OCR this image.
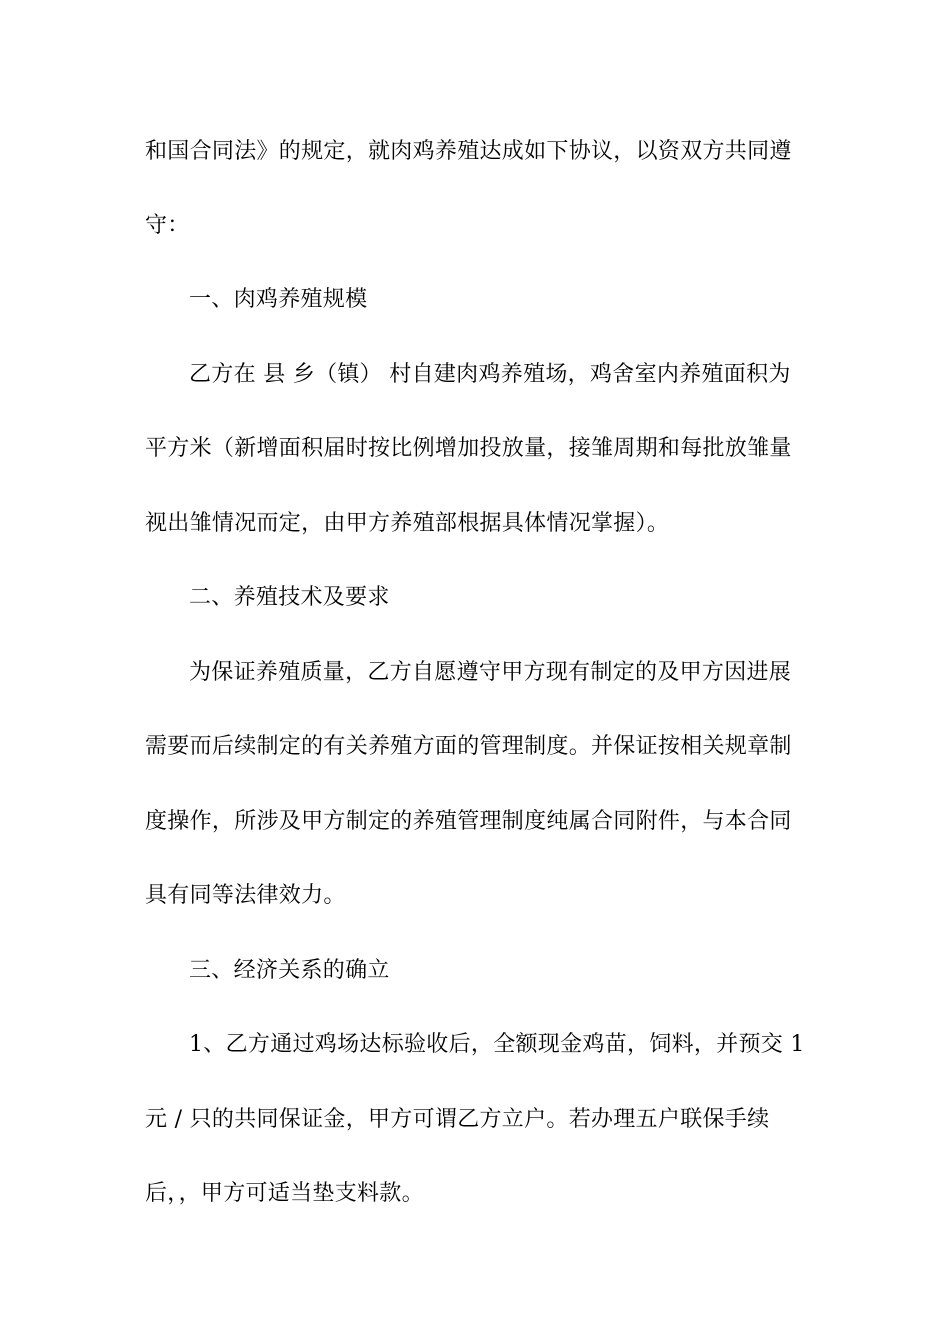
和国合同法》的规定，就肉鸡养殖达成如下协议，以资双方共同遵
守：
一、肉鸡养殖规模
乙方在 县 乡（镇） 村自建肉鸡养殖场，鸡舍室内养殖面积为
平方米（新增面积届时按比例增加投放量，接雏周期和每批放雏量
视出雏情况而定，由甲方养殖部根据具体情况掌握）。
二、养殖技术及要求
为保证养殖质量，乙方自愿遵守甲方现有制定的及甲方因进展
需要而后续制定的有关养殖方面的管理制度。并保证按相关规章制
度操作，所涉及甲方制定的养殖管理制度纯属合同附件，与本合同
具有同等法律效力。
三、经济关系的确立
1、乙方通过鸡场达标验收后，全额现金鸡苗，饲料，并预交 1
元 / 只的共同保证金，甲方可谓乙方立户。若办理五户联保手续
后，，甲方可适当垫支料款。
